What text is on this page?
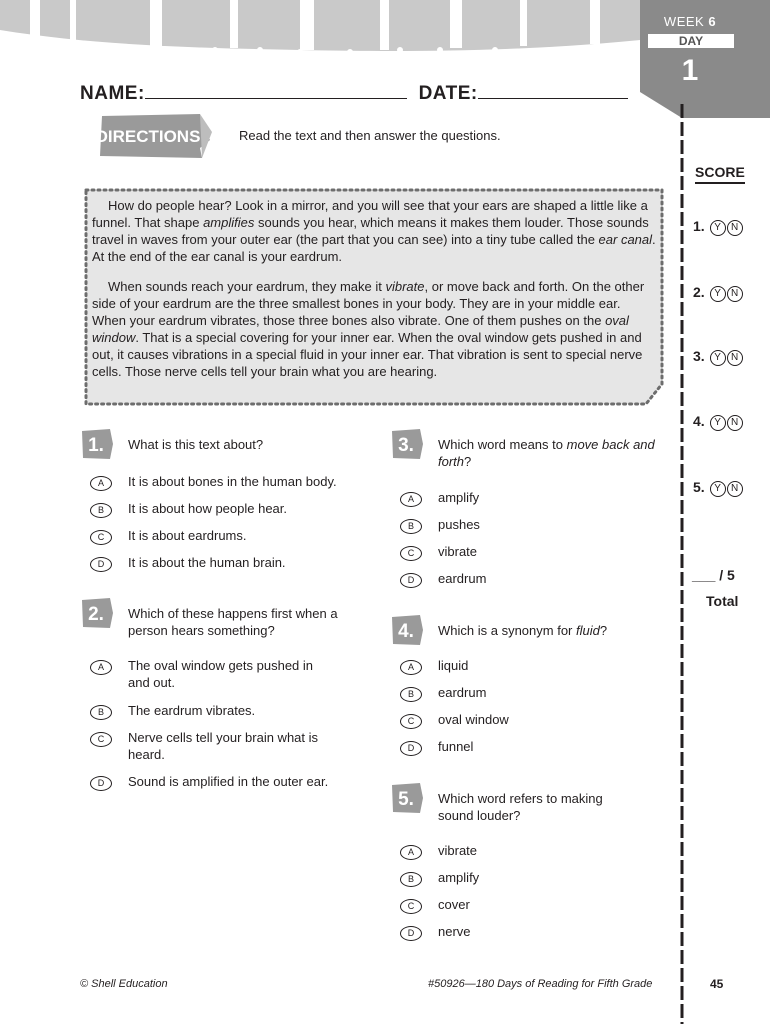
WEEK 6
DAY
1
NAME:	DATE:
DIRECTIONS	Read the text and then answer the questions.

How do people hear? Look in a mirror, and you will see that your ears are shaped a little like a funnel. That shape amplifies sounds you hear, which means it makes them louder. Those sounds travel in waves from your outer ear (the part that you can see) into a tiny tube called the ear canal. At the end of the ear canal is your eardrum.

When sounds reach your eardrum, they make it vibrate, or move back and forth. On the other side of your eardrum are the three smallest bones in your body. They are in your middle ear. When your eardrum vibrates, those three bones also vibrate. One of them pushes on the oval window. That is a special covering for your inner ear. When the oval window gets pushed in and out, it causes vibrations in a special fluid in your inner ear. That vibration is sent to special nerve cells. Those nerve cells tell your brain what you are hearing.

1. What is this text about?
A It is about bones in the human body.
B It is about how people hear.
C It is about eardrums.
D It is about the human brain.
2. Which of these happens first when a person hears something?
A The oval window gets pushed in and out.
B The eardrum vibrates.
C Nerve cells tell your brain what is heard.
D Sound is amplified in the outer ear.
3. Which word means to move back and forth?
A amplify
B pushes
C vibrate
D eardrum
4. Which is a synonym for fluid?
A liquid
B eardrum
C oval window
D funnel
5. Which word refers to making sound louder?
A vibrate
B amplify
C cover
D nerve
SCORE
1. Y N
2. Y N
3. Y N
4. Y N
5. Y N
___ / 5
Total
© Shell Education	#50926—180 Days of Reading for Fifth Grade	45
